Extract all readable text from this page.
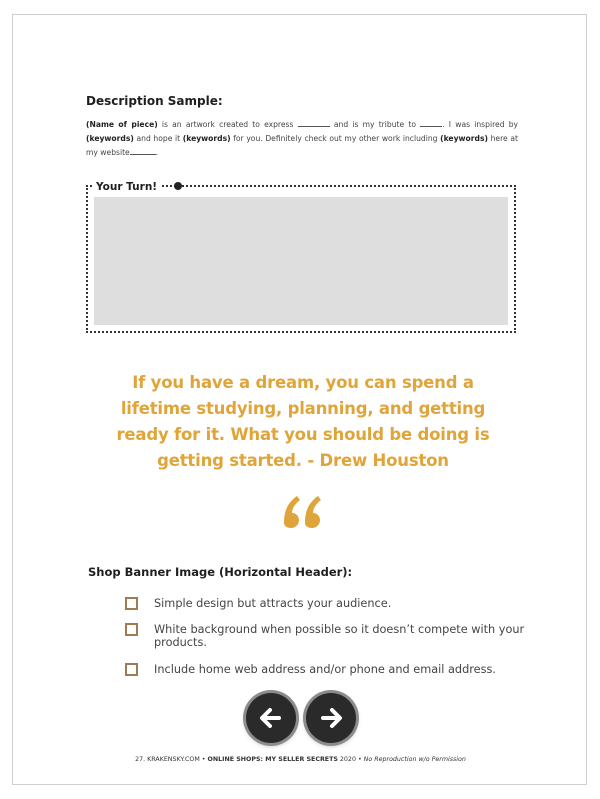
Description Sample:

(Name of piece) is an artwork created to express	and is my tribute to	. I was inspired by (keywords) and hope it (keywords) for you. Definitely check out my other work including (keywords) here at my website	.

Your Turn!

If you have a dream, you can spend a lifetime studying, planning, and getting ready for it. What you should be doing is getting started. - Drew Houston

Shop Banner Image (Horizontal Header):
Simple design but attracts your audience.
White background when possible so it doesn’t compete with your products.
Include home web address and/or phone and email address.

27. KRAKENSKY.COM • ONLINE SHOPS: MY SELLER SECRETS 2020 • No Reproduction w/o Permission
